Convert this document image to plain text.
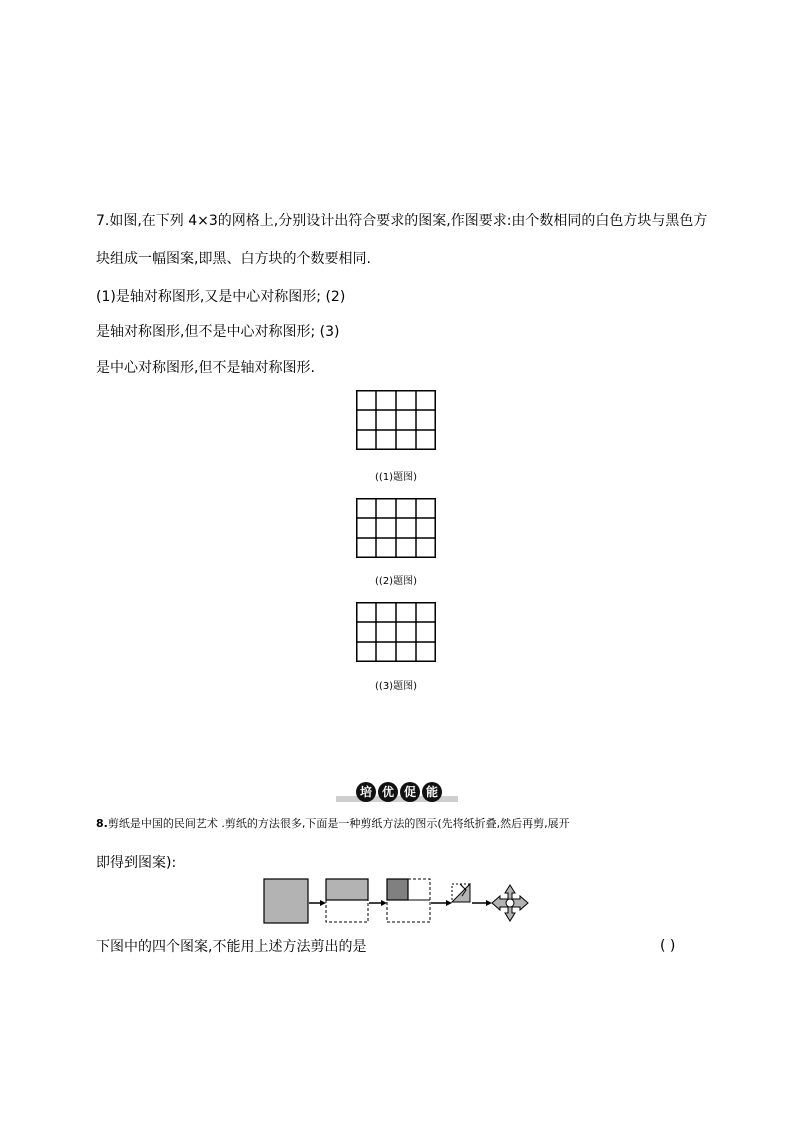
7.如图,在下列 4×3的网格上,分别设计出符合要求的图案,作图要求:由个数相同的白色方块与黑色方
块组成一幅图案,即黑、白方块的个数要相同.
(1)是轴对称图形,又是中心对称图形; (2)
是轴对称图形,但不是中心对称图形; (3)
是中心对称图形,但不是轴对称图形.
((1)题图)
((2)题图)
((3)题图)
培 优 促 能
8.剪纸是中国的民间艺术 .剪纸的方法很多,下面是一种剪纸方法的图示(先将纸折叠,然后再剪,展开
即得到图案):
下图中的四个图案,不能用上述方法剪出的是	( )
